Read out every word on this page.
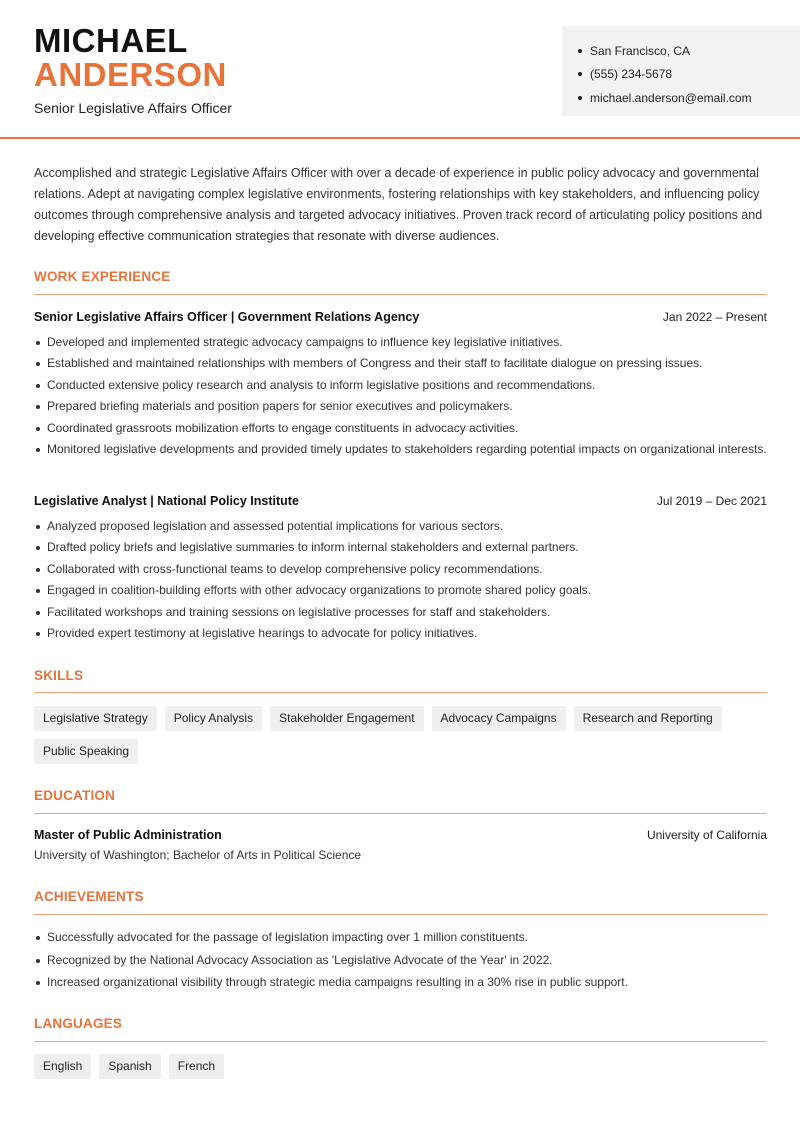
MICHAEL
ANDERSON
Senior Legislative Affairs Officer
San Francisco, CA
(555) 234-5678
michael.anderson@email.com
Accomplished and strategic Legislative Affairs Officer with over a decade of experience in public policy advocacy and governmental relations. Adept at navigating complex legislative environments, fostering relationships with key stakeholders, and influencing policy outcomes through comprehensive analysis and targeted advocacy initiatives. Proven track record of articulating policy positions and developing effective communication strategies that resonate with diverse audiences.
WORK EXPERIENCE
Senior Legislative Affairs Officer | Government Relations Agency	Jan 2022 – Present
Developed and implemented strategic advocacy campaigns to influence key legislative initiatives.
Established and maintained relationships with members of Congress and their staff to facilitate dialogue on pressing issues.
Conducted extensive policy research and analysis to inform legislative positions and recommendations.
Prepared briefing materials and position papers for senior executives and policymakers.
Coordinated grassroots mobilization efforts to engage constituents in advocacy activities.
Monitored legislative developments and provided timely updates to stakeholders regarding potential impacts on organizational interests.
Legislative Analyst | National Policy Institute	Jul 2019 – Dec 2021
Analyzed proposed legislation and assessed potential implications for various sectors.
Drafted policy briefs and legislative summaries to inform internal stakeholders and external partners.
Collaborated with cross-functional teams to develop comprehensive policy recommendations.
Engaged in coalition-building efforts with other advocacy organizations to promote shared policy goals.
Facilitated workshops and training sessions on legislative processes for staff and stakeholders.
Provided expert testimony at legislative hearings to advocate for policy initiatives.
SKILLS
Legislative Strategy	Policy Analysis	Stakeholder Engagement	Advocacy Campaigns	Research and Reporting
Public Speaking
EDUCATION
Master of Public Administration	University of California
University of Washington; Bachelor of Arts in Political Science
ACHIEVEMENTS
Successfully advocated for the passage of legislation impacting over 1 million constituents.
Recognized by the National Advocacy Association as 'Legislative Advocate of the Year' in 2022.
Increased organizational visibility through strategic media campaigns resulting in a 30% rise in public support.
LANGUAGES
English	Spanish	French
